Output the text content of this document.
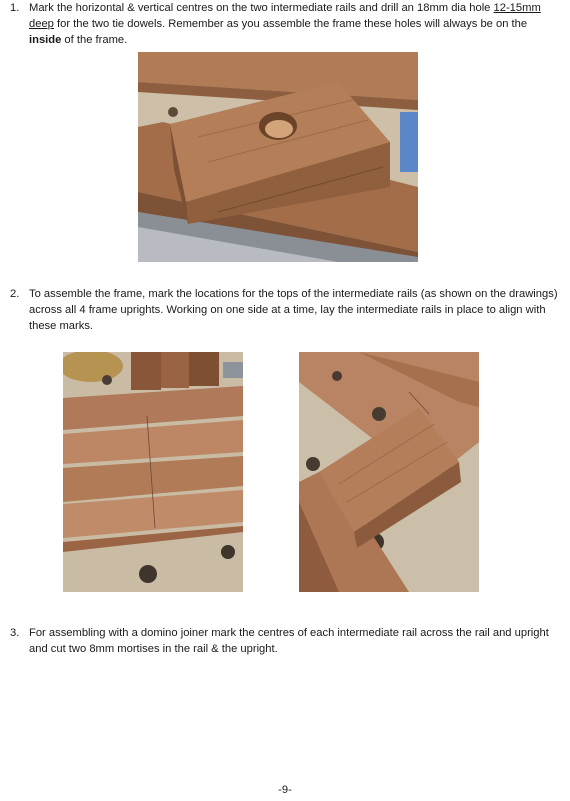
1. Mark the horizontal & vertical centres on the two intermediate rails and drill an 18mm dia hole 12-15mm deep for the two tie dowels. Remember as you assemble the frame these holes will always be on the inside of the frame.
2. To assemble the frame, mark the locations for the tops of the intermediate rails (as shown on the drawings) across all 4 frame uprights. Working on one side at a time, lay the intermediate rails in place to align with these marks.
3. For assembling with a domino joiner mark the centres of each intermediate rail across the rail and upright and cut two 8mm mortises in the rail & the upright.
-9-
